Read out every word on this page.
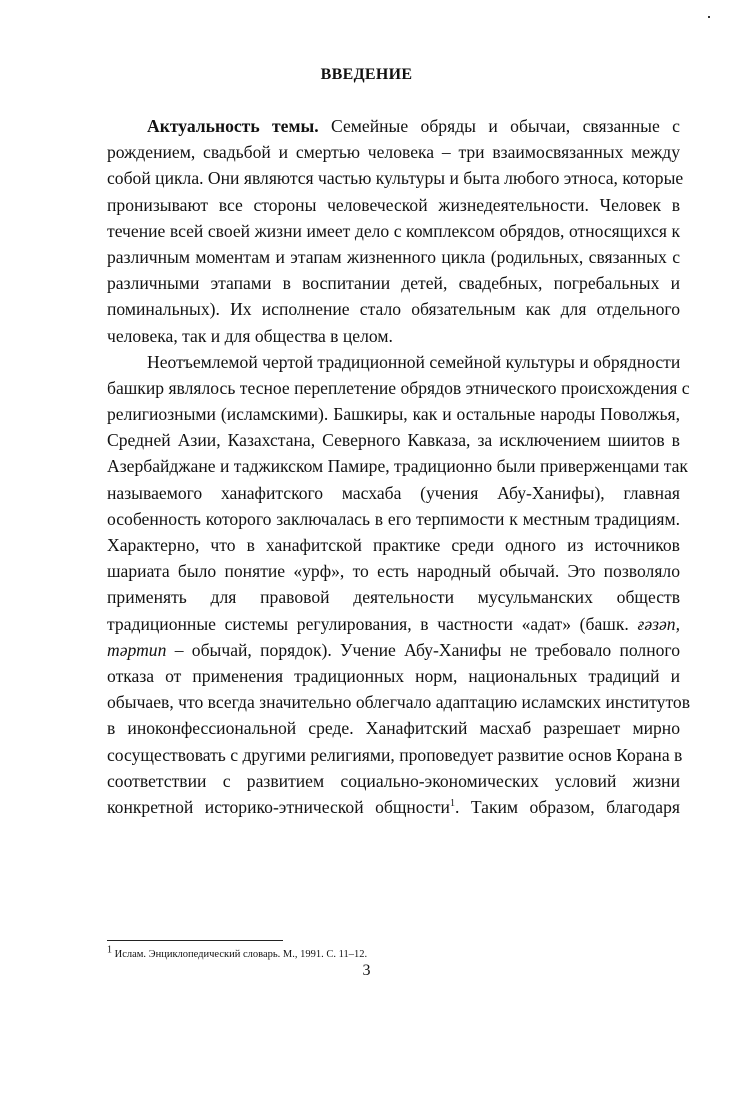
ВВЕДЕНИЕ
Актуальность темы. Семейные обряды и обычаи, связанные с
рождением, свадьбой и смертью человека – три взаимосвязанных между
собой цикла. Они являются частью культуры и быта любого этноса, которые
пронизывают все стороны человеческой жизнедеятельности. Человек в
течение всей своей жизни имеет дело с комплексом обрядов, относящихся к
различным моментам и этапам жизненного цикла (родильных, связанных с
различными этапами в воспитании детей, свадебных, погребальных и
поминальных). Их исполнение стало обязательным как для отдельного
человека, так и для общества в целом.
Неотъемлемой чертой традиционной семейной культуры и обрядности
башкир являлось тесное переплетение обрядов этнического происхождения с
религиозными (исламскими). Башкиры, как и остальные народы Поволжья,
Средней Азии, Казахстана, Северного Кавказа, за исключением шиитов в
Азербайджане и таджикском Памире, традиционно были приверженцами так
называемого ханафитского масхаба (учения Абу-Ханифы), главная
особенность которого заключалась в его терпимости к местным традициям.
Характерно, что в ханафитской практике среди одного из источников
шариата было понятие «урф», то есть народный обычай. Это позволяло
применять для правовой деятельности мусульманских обществ
традиционные системы регулирования, в частности «адат» (башк. ғәзәп,
тәртип – обычай, порядок). Учение Абу-Ханифы не требовало полного
отказа от применения традиционных норм, национальных традиций и
обычаев, что всегда значительно облегчало адаптацию исламских институтов
в иноконфессиональной среде. Ханафитский масхаб разрешает мирно
сосуществовать с другими религиями, проповедует развитие основ Корана в
соответствии с развитием социально-экономических условий жизни
конкретной историко-этнической общности$^1$. Таким образом, благодаря
$^1$ Ислам. Энциклопедический словарь. М., 1991. С. 11–12.
3
